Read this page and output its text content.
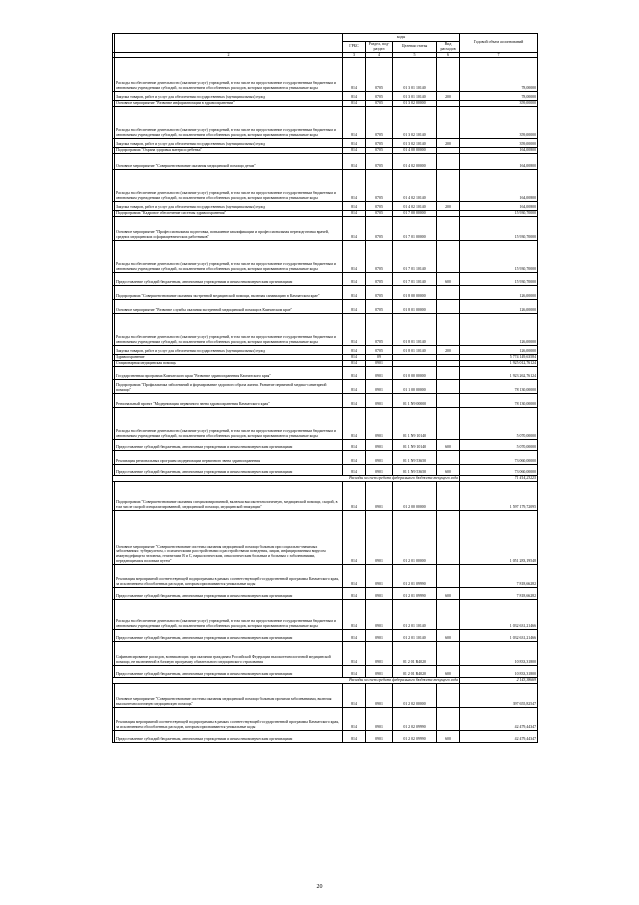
		коды				Годовой объем ассигнований
		ГРБС	Раздел, под-раздел	Целевая статья	Вид расходов	
	2	3	4	5	6	7
	Расходы на обеспечение деятельности (оказание услуг) учреждений, в том числе на предоставление государственным бюджетным и автономным учреждениям субсидий, за исключением обособленных расходов, которым присваиваются уникальные коды	814	0705	01 3 01 10140		78,00000
	Закупка товаров, работ и услуг для обеспечения государственных (муниципальных) нужд	814	0705	01 3 01 10140	200	78,00000
	Основное мероприятие "Развитие информатизации в здравоохранении"	814	0705	01 3 02 00000		359,00000
	Расходы на обеспечение деятельности (оказание услуг) учреждений, в том числе на предоставление государственным бюджетным и автономным учреждениям субсидий, за исключением обособленных расходов, которым присваиваются уникальные коды	814	0705	01 3 02 10140		359,00000
	Закупка товаров, работ и услуг для обеспечения государственных (муниципальных) нужд	814	0705	01 3 02 10140	200	359,00000
	Подпрограмма "Охрана здоровья матери и ребенка"	814	0705	01 4 00 00000		164,00800
	Основное мероприятие "Совершенствование оказания медицинской помощи детям"	814	0705	01 4 02 00000		164,00800
	Расходы на обеспечение деятельности (оказание услуг) учреждений, в том числе на предоставление государственным бюджетным и автономным учреждениям субсидий, за исключением обособленных расходов, которым присваиваются уникальные коды	814	0705	01 4 02 10140		164,00800
	Закупка товаров, работ и услуг для обеспечения государственных (муниципальных) нужд	814	0705	01 4 02 10140	200	164,00800
	Подпрограмма "Кадровое обеспечение системы здравоохранения"	814	0705	01 7 00 00000		15 930,70000
	Основное мероприятие "Профессиональная подготовка, повышение квалификации и профессиональная переподготовка врачей, средних медицинских и фармацевтических работников"	814	0705	01 7 01 00000		15 930,70000
	Расходы на обеспечение деятельности (оказание услуг) учреждений, в том числе на предоставление государственным бюджетным и автономным учреждениям субсидий, за исключением обособленных расходов, которым присваиваются уникальные коды	814	0705	01 7 01 10140		15 930,70000
	Предоставление субсидий бюджетным, автономным учреждениям и иным некоммерческим организациям	814	0705	01 7 01 10140	600	15 930,70000
	Подпрограмма "Совершенствование оказания экстренной медицинской помощи, включая санавиацию в Камчатском крае"	814	0705	01 8 00 00000		126,00000
	Основное мероприятие "Развитие службы оказания экстренной медицинской помощи в Камчатском крае"	814	0705	01 8 01 00000		126,00000
	Расходы на обеспечение деятельности (оказание услуг) учреждений, в том числе на предоставление государственным бюджетным и автономным учреждениям субсидий, за исключением обособленных расходов, которым присваиваются уникальные коды	814	0705	01 8 01 10140		126,00000
	Закупка товаров, работ и услуг для обеспечения государственных (муниципальных) нужд	814	0705	01 8 01 10140	200	126,00000
	Здравоохранение	814	09			5 774 149,63584
	Стационарная медицинская помощь	814	0901			1 925 012,76124
	Государственная программа Камчатского края "Развитие здравоохранения Камчатского края"	814	0901	01 0 00 00000		1 923 262,76124
	Подпрограмма "Профилактика заболеваний и формирование здорового образа жизни. Развитие первичной медико-санитарной помощи"	814	0901	01 1 00 00000		78 130,00000
	Региональный проект "Модернизация первичного звена здравоохранения Камчатского края"	814	0901	01 1 N9 00000		78 130,00000
	Расходы на обеспечение деятельности (оказание услуг) учреждений, в том числе на предоставление государственным бюджетным и автономным учреждениям субсидий, за исключением обособленных расходов, которым присваиваются уникальные коды	814	0901	01 1 N9 10140		5 070,00000
	Предоставление субсидий бюджетным, автономным учреждениям и иным некоммерческим организациям	814	0901	01 1 N9 10140	600	5 070,00000
	Реализация региональных программ модернизации первичного звена здравоохранения	814	0901	01 1 N9 53650		73 060,00000
	Предоставление субсидий бюджетным, автономным учреждениям и иным некоммерческим организациям	814	0901	01 1 N9 53650	600	73 060,00000
Расходы за счет средств федерального бюджета текущего года						71 414,23225
	Подпрограмма "Совершенствование оказания специализированной, включая высокотехнологичную, медицинской помощи, скорой, в том числе скорой специализированной, медицинской помощи, медицинской эвакуации"	814	0901	01 2 00 00000		1 597 179,72095
	Основное мероприятие "Совершенствование системы оказания медицинской помощи больным при социально-значимых заболеваниях: туберкулезом, с психическими расстройствами и расстройствами поведения, лицам, инфицированным вирусом иммунодефицита человека, гепатитами B и C, наркологическим, онкологическим больным и больным с заболеваниями, передающимися половым путем"	814	0901	01 2 01 00000		1 051 283,19548
	Реализация мероприятий соответствующей подпрограммы в рамках соответствующей государственной программы Камчатского края, за исключением обособленных расходов, которым присваиваются уникальные коды	814	0901	01 2 01 09990		7 818,66282
	Предоставление субсидий бюджетным, автономным учреждениям и иным некоммерческим организациям	814	0901	01 2 01 09990	600	7 818,66282
	Расходы на обеспечение деятельности (оказание услуг) учреждений, в том числе на предоставление государственным бюджетным и автономным учреждениям субсидий, за исключением обособленных расходов, которым присваиваются уникальные коды	814	0901	01 2 01 10140		1 032 631,21466
	Предоставление субсидий бюджетным, автономным учреждениям и иным некоммерческим организациям	814	0901	01 2 01 10140	600	1 032 631,21466
	Софинансирование расходов, возникающих при оказании гражданам Российской Федерации высокотехнологичной медицинской помощи, не включенной в базовую программу обязательного медицинского страхования	814	0901	01 2 01 R4020		10 833,31800
	Предоставление субсидий бюджетным, автономным учреждениям и иным некоммерческим организациям	814	0901	01 2 01 R4020	600	10 833,31800
Расходы за счет средств федерального бюджета текущего года						2 143,38669
	Основное мероприятие "Совершенствование системы оказания медицинской помощи больным прочими заболеваниями, включая высокотехнологичную медицинскую помощь"	814	0901	01 2 02 00000		397 655,82547
	Реализация мероприятий соответствующей подпрограммы в рамках соответствующей государственной программы Камчатского края, за исключением обособленных расходов, которым присваиваются уникальные коды	814	0901	01 2 02 09990		42 479,44347
	Предоставление субсидий бюджетным, автономным учреждениям и иным некоммерческим организациям	814	0901	01 2 02 09990	600	42 479,44347
20
